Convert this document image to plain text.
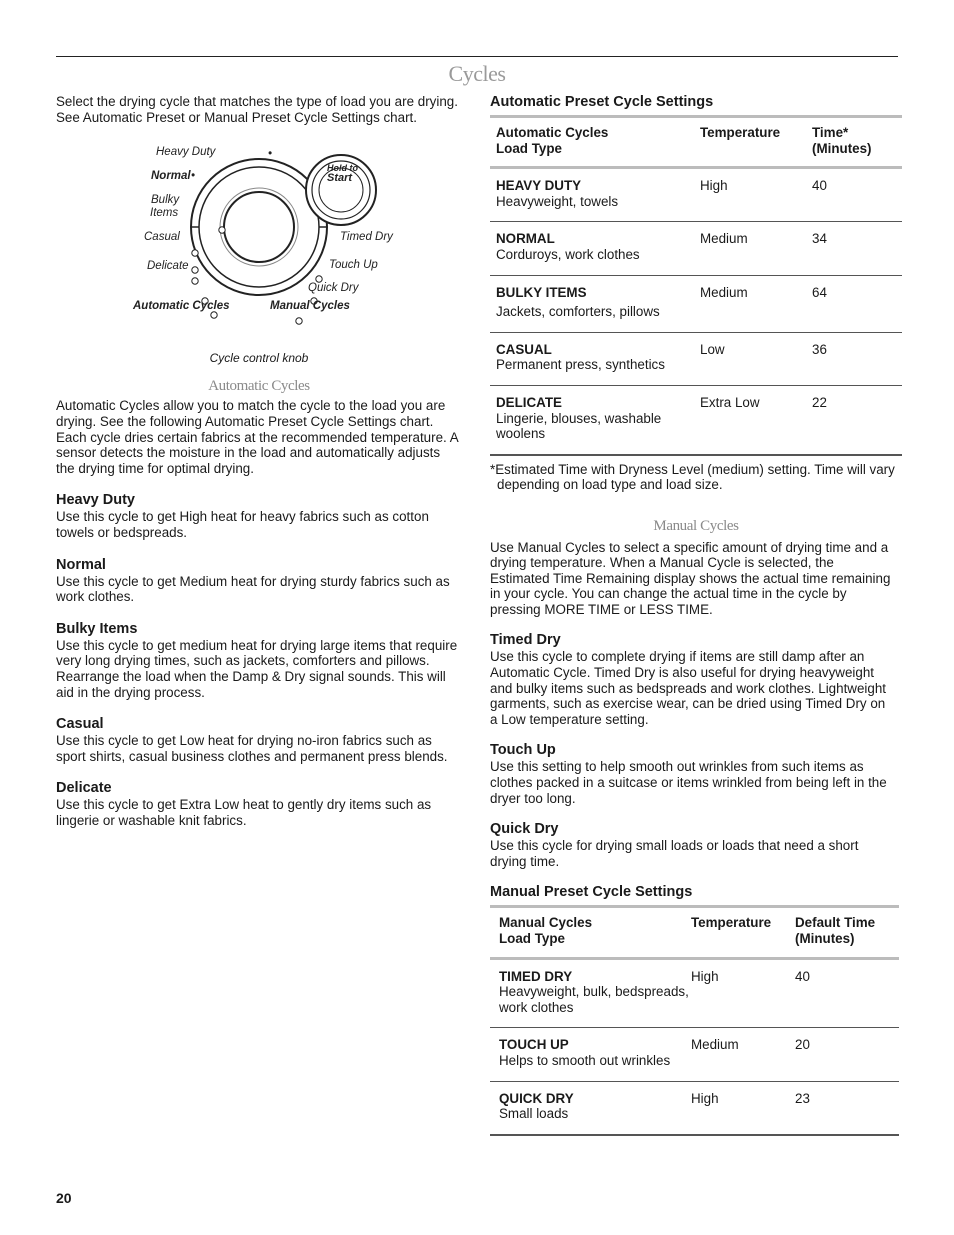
Cycles

Select the drying cycle that matches the type of load you are drying. See Automatic Preset or Manual Preset Cycle Settings chart.

Heavy Duty	•
Normal •
Bulky
Items
Casual
Delicate
Automatic Cycles	Manual Cycles
Timed Dry
Touch Up
Quick Dry
Hold to
Start
Cycle control knob
Automatic Cycles

Automatic Cycles allow you to match the cycle to the load you are drying. See the following Automatic Preset Cycle Settings chart. Each cycle dries certain fabrics at the recommended temperature. A sensor detects the moisture in the load and automatically adjusts the drying time for optimal drying.

Heavy Duty

Use this cycle to get High heat for heavy fabrics such as cotton towels or bedspreads.

Normal

Use this cycle to get Medium heat for drying sturdy fabrics such as work clothes.

Bulky Items

Use this cycle to get medium heat for drying large items that require very long drying times, such as jackets, comforters and pillows. Rearrange the load when the Damp & Dry signal sounds. This will aid in the drying process.

Casual

Use this cycle to get Low heat for drying no-iron fabrics such as sport shirts, casual business clothes and permanent press blends.

Delicate

Use this cycle to get Extra Low heat to gently dry items such as lingerie or washable knit fabrics.

Automatic Preset Cycle Settings
Automatic Cycles
Load Type	Temperature	Time*
(Minutes)

HEAVY DUTY
Heavyweight, towels	High	40

NORMAL
Corduroys, work clothes	Medium	34

BULKY ITEMS
Jackets, comforters, pillows	Medium	64

CASUAL
Permanent press, synthetics	Low	36

DELICATE
Lingerie, blouses, washable woolens	Extra Low	22

*Estimated Time with Dryness Level (medium) setting. Time will vary depending on load type and load size.

Manual Cycles

Use Manual Cycles to select a specific amount of drying time and a drying temperature. When a Manual Cycle is selected, the Estimated Time Remaining display shows the actual time remaining in your cycle. You can change the actual time in the cycle by pressing MORE TIME or LESS TIME.

Timed Dry

Use this cycle to complete drying if items are still damp after an Automatic Cycle. Timed Dry is also useful for drying heavyweight and bulky items such as bedspreads and work clothes. Lightweight garments, such as exercise wear, can be dried using Timed Dry on a Low temperature setting.

Touch Up

Use this setting to help smooth out wrinkles from such items as clothes packed in a suitcase or items wrinkled from being left in the dryer too long.

Quick Dry

Use this cycle for drying small loads or loads that need a short drying time.

Manual Preset Cycle Settings
Manual Cycles
Load Type	Temperature	Default Time
(Minutes)

TIMED DRY
Heavyweight, bulk, bedspreads, work clothes	High	40

TOUCH UP
Helps to smooth out wrinkles	Medium	20

QUICK DRY
Small loads	High	23
20
